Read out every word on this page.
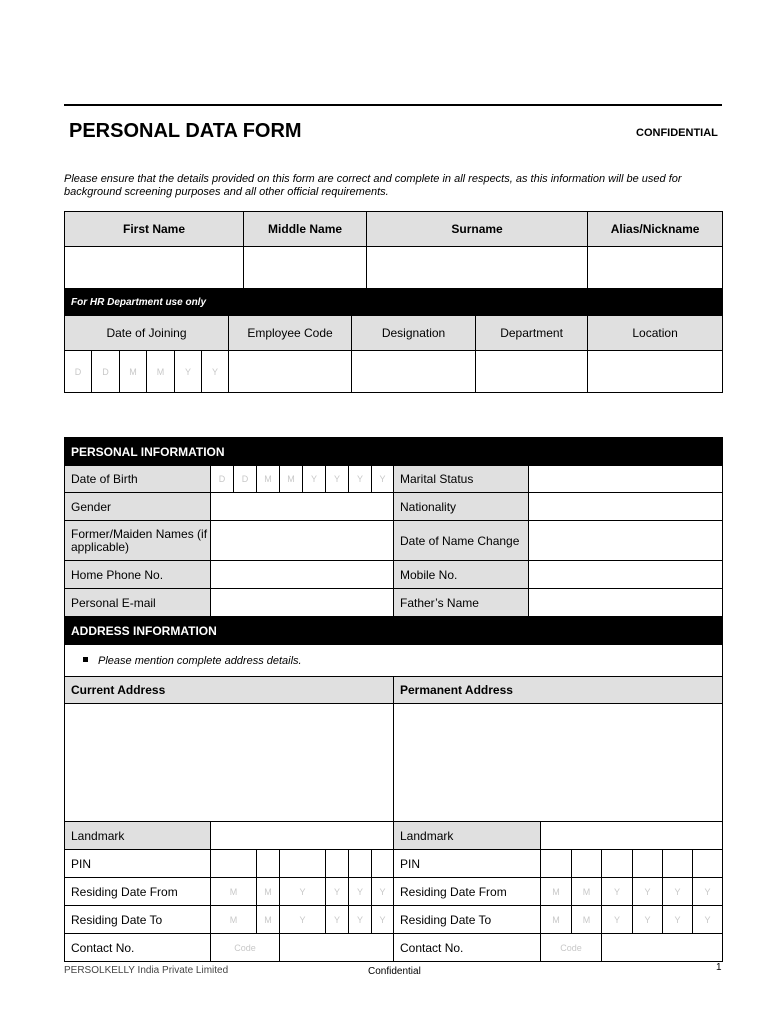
PERSONAL DATA FORM	CONFIDENTIAL
Please ensure that the details provided on this form are correct and complete in all respects, as this information will be used for background screening purposes and all other official requirements.
First Name							Middle Name		Surname		Alias/Nickname

For HR Department use only											
Date of Joining						Employee Code		Designation		Department	Location
D	D	M	M	Y	Y						
PERSONAL INFORMATION																
Date of Birth	D	D	M	M	Y	Y	Y	Y	Marital Status							
Gender									Nationality							
Former/Maiden Names (if applicable)									Date of Name Change							
Home Phone No.									Mobile No.							
Personal E-mail									Father’s Name							
ADDRESS INFORMATION																
Please mention complete address details.																
Current Address									Permanent Address							

Landmark									Landmark							
PIN									PIN							
Residing Date From	M		M	Y		Y	Y	Y	Residing Date From		M	M	Y	Y	Y	Y
Residing Date To	M		M	Y		Y	Y	Y	Residing Date To		M	M	Y	Y	Y	Y
Contact No.	Code								Contact No.		Code					
PERSOLKELLY India Private Limited	Confidential	1
